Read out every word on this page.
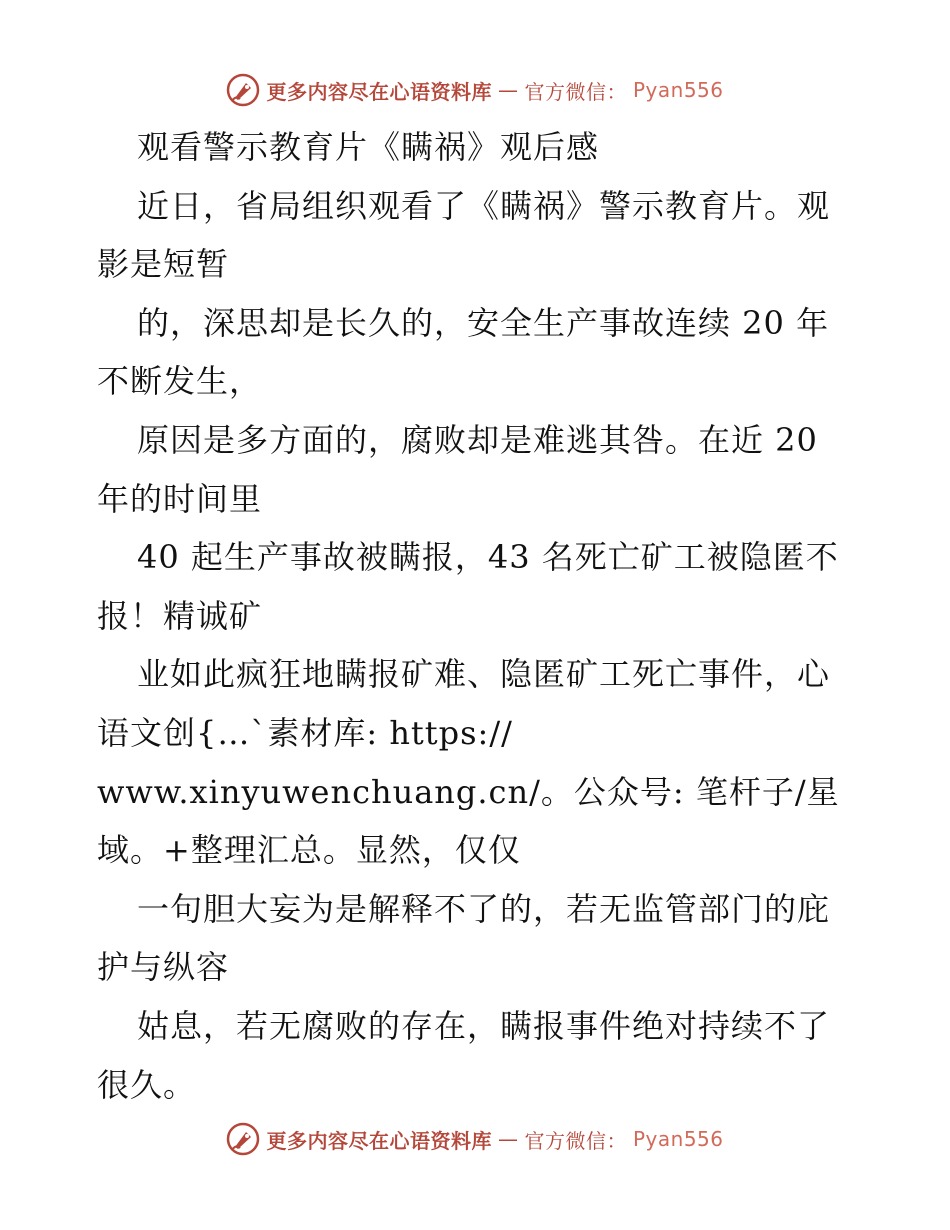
更多内容尽在心语资料库 — 官方微信： Pyan556
观看警示教育片《瞒祸》观后感
近日，省局组织观看了《瞒祸》警示教育片。观
影是短暂
的，深思却是长久的，安全生产事故连续 20 年
不断发生，
原因是多方面的，腐败却是难逃其咎。在近 20
年的时间里
40 起生产事故被瞒报，43 名死亡矿工被隐匿不
报！精诚矿
业如此疯狂地瞒报矿难、隐匿矿工死亡事件，心
语文创{…`素材库: https://
www.xinyuwenchuang.cn/。公众号: 笔杆子/星
域。+整理汇总。显然，仅仅
一句胆大妄为是解释不了的，若无监管部门的庇
护与纵容
姑息，若无腐败的存在，瞒报事件绝对持续不了
很久。
更多内容尽在心语资料库 — 官方微信： Pyan556
